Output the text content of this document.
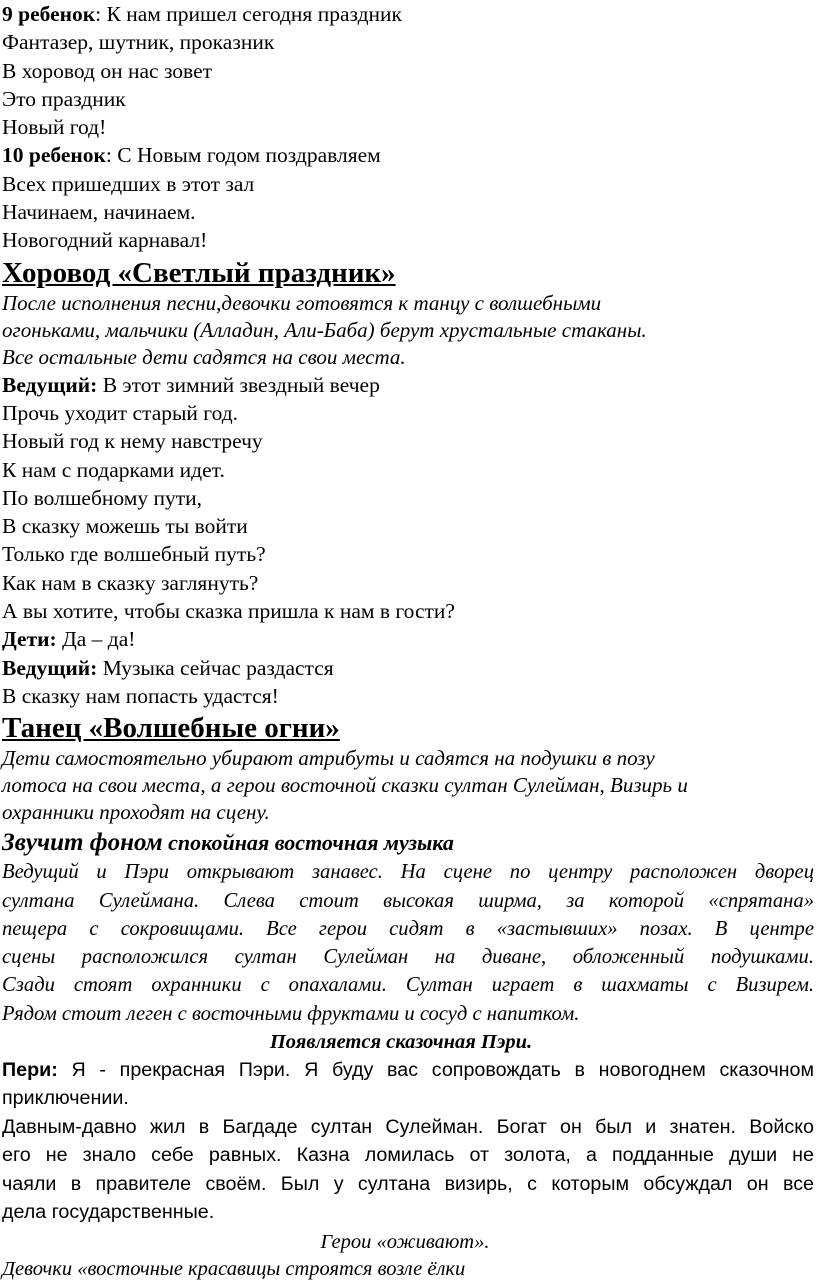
9 ребенок: К нам пришел сегодня праздник
Фантазер, шутник, проказник
В хоровод он нас зовет
Это праздник
Новый год!
10 ребенок: С Новым годом поздравляем
Всех пришедших в этот зал
Начинаем, начинаем.
Новогодний карнавал!
Хоровод «Светлый праздник»
После исполнения песни,девочки готовятся к танцу с волшебными
огоньками, мальчики (Алладин, Али-Баба) берут хрустальные стаканы.
Все остальные дети садятся на свои места.
Ведущий: В этот зимний звездный вечер
Прочь уходит старый год.
Новый год к нему навстречу
К нам с подарками идет.
По волшебному пути,
В сказку можешь ты войти
Только где волшебный путь?
Как нам в сказку заглянуть?
А вы хотите, чтобы сказка пришла к нам в гости?
Дети: Да – да!
Ведущий: Музыка сейчас раздастся
В сказку нам попасть удастся!
Танец «Волшебные огни»
Дети самостоятельно убирают атрибуты и садятся на подушки в позу
лотоса на свои места, а герои восточной сказки султан Сулейман, Визирь и
охранники проходят на сцену.
Звучит фоном спокойная восточная музыка
Ведущий и Пэри открывают занавес. На сцене по центру расположен дворец
султана Сулеймана. Слева стоит высокая ширма, за которой «спрятана»
пещера с сокровищами. Все герои сидят в «застывших» позах. В центре
сцены расположился султан Сулейман на диване, обложенный подушками.
Сзади стоят охранники с опахалами. Султан играет в шахматы с Визирем.
Рядом стоит леген с восточными фруктами и сосуд с напитком.
Появляется сказочная Пэри.
Пери: Я - прекрасная Пэри. Я буду вас сопровождать в новогоднем сказочном
приключении.
Давным-давно жил в Багдаде султан Сулейман. Богат он был и знатен. Войско
его не знало себе равных. Казна ломилась от золота, а подданные души не
чаяли в правителе своём. Был у султана визирь, с которым обсуждал он все
дела государственные.
Герои «оживают».
Девочки «восточные красавицы строятся возле ёлки
